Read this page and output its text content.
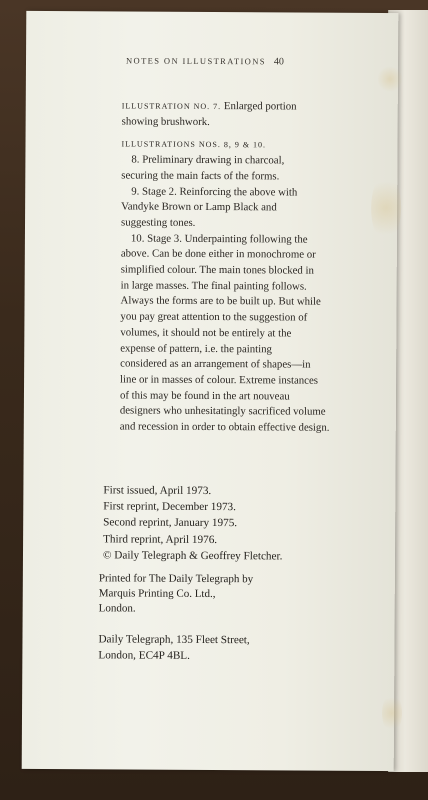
NOTES ON ILLUSTRATIONS 40

ILLUSTRATION NO. 7. Enlarged portion

showing brushwork.

ILLUSTRATIONS NOS. 8, 9 & 10.

8. Preliminary drawing in charcoal,

securing the main facts of the forms.

9. Stage 2. Reinforcing the above with

Vandyke Brown or Lamp Black and

suggesting tones.

10. Stage 3. Underpainting following the

above. Can be done either in monochrome or

simplified colour. The main tones blocked in

in large masses. The final painting follows.

Always the forms are to be built up. But while

you pay great attention to the suggestion of

volumes, it should not be entirely at the

expense of pattern, i.e. the painting

considered as an arrangement of shapes—in

line or in masses of colour. Extreme instances

of this may be found in the art nouveau

designers who unhesitatingly sacrificed volume

and recession in order to obtain effective design.

First issued, April 1973.
First reprint, December 1973.
Second reprint, January 1975.
Third reprint, April 1976.
© Daily Telegraph & Geoffrey Fletcher.
Printed for The Daily Telegraph by
Marquis Printing Co. Ltd.,
London.
Daily Telegraph, 135 Fleet Street,
London, EC4P 4BL.
